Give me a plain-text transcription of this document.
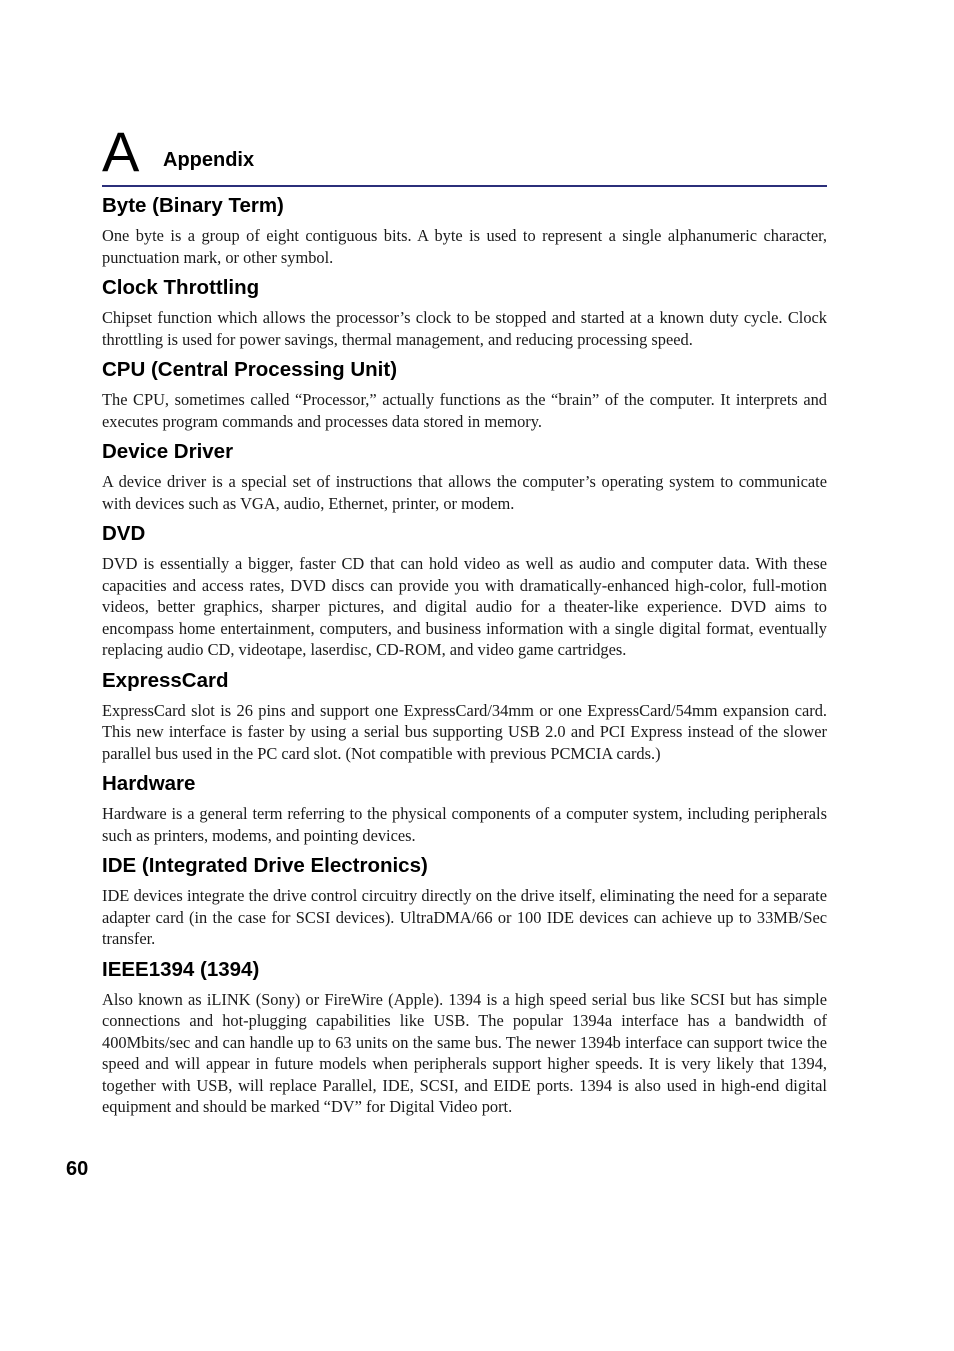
A Appendix
Byte (Binary Term)

One byte is a group of eight contiguous bits. A byte is used to represent a single alphanumeric character, punctuation mark, or other symbol.

Clock Throttling

Chipset function which allows the processor’s clock to be stopped and started at a known duty cycle. Clock throttling is used for power savings, thermal management, and reducing processing speed.

CPU (Central Processing Unit)

The CPU, sometimes called “Processor,” actually functions as the “brain” of the computer. It interprets and executes program commands and processes data stored in memory.

Device Driver

A device driver is a special set of instructions that allows the computer’s operating system to communicate with devices such as VGA, audio, Ethernet, printer, or modem.

DVD

DVD is essentially a bigger, faster CD that can hold video as well as audio and computer data. With these capacities and access rates, DVD discs can provide you with dramatically-enhanced high-color, full-motion videos, better graphics, sharper pictures, and digital audio for a theater-like experience. DVD aims to encompass home entertainment, computers, and business information with a single digital format, eventually replacing audio CD, videotape, laserdisc, CD-ROM, and video game cartridges.

ExpressCard

ExpressCard slot is 26 pins and support one ExpressCard/34mm or one ExpressCard/54mm expansion card. This new interface is faster by using a serial bus supporting USB 2.0 and PCI Express instead of the slower parallel bus used in the PC card slot. (Not compatible with previous PCMCIA cards.)

Hardware

Hardware is a general term referring to the physical components of a computer system, including peripherals such as printers, modems, and pointing devices.

IDE (Integrated Drive Electronics)

IDE devices integrate the drive control circuitry directly on the drive itself, eliminating the need for a separate adapter card (in the case for SCSI devices). UltraDMA/66 or 100 IDE devices can achieve up to 33MB/Sec transfer.

IEEE1394 (1394)

Also known as iLINK (Sony) or FireWire (Apple). 1394 is a high speed serial bus like SCSI but has simple connections and hot-plugging capabilities like USB. The popular 1394a interface has a bandwidth of 400Mbits/sec and can handle up to 63 units on the same bus. The newer 1394b interface can support twice the speed and will appear in future models when peripherals support higher speeds. It is very likely that 1394, together with USB, will replace Parallel, IDE, SCSI, and EIDE ports. 1394 is also used in high-end digital equipment and should be marked “DV” for Digital Video port.

60
